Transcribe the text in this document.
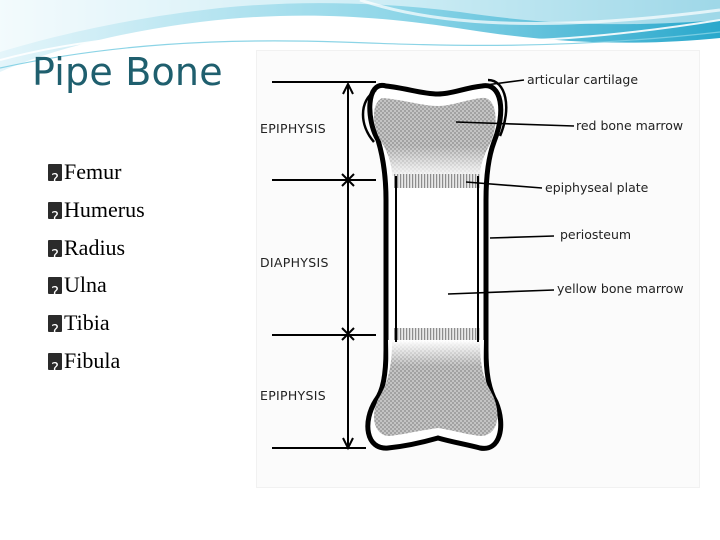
Pipe Bone
?Femur
?Humerus
?Radius
?Ulna
?Tibia
?Fibula
EPIPHYSIS
DIAPHYSIS
EPIPHYSIS
articular cartilage
red bone marrow
epiphyseal plate
periosteum
yellow bone marrow
